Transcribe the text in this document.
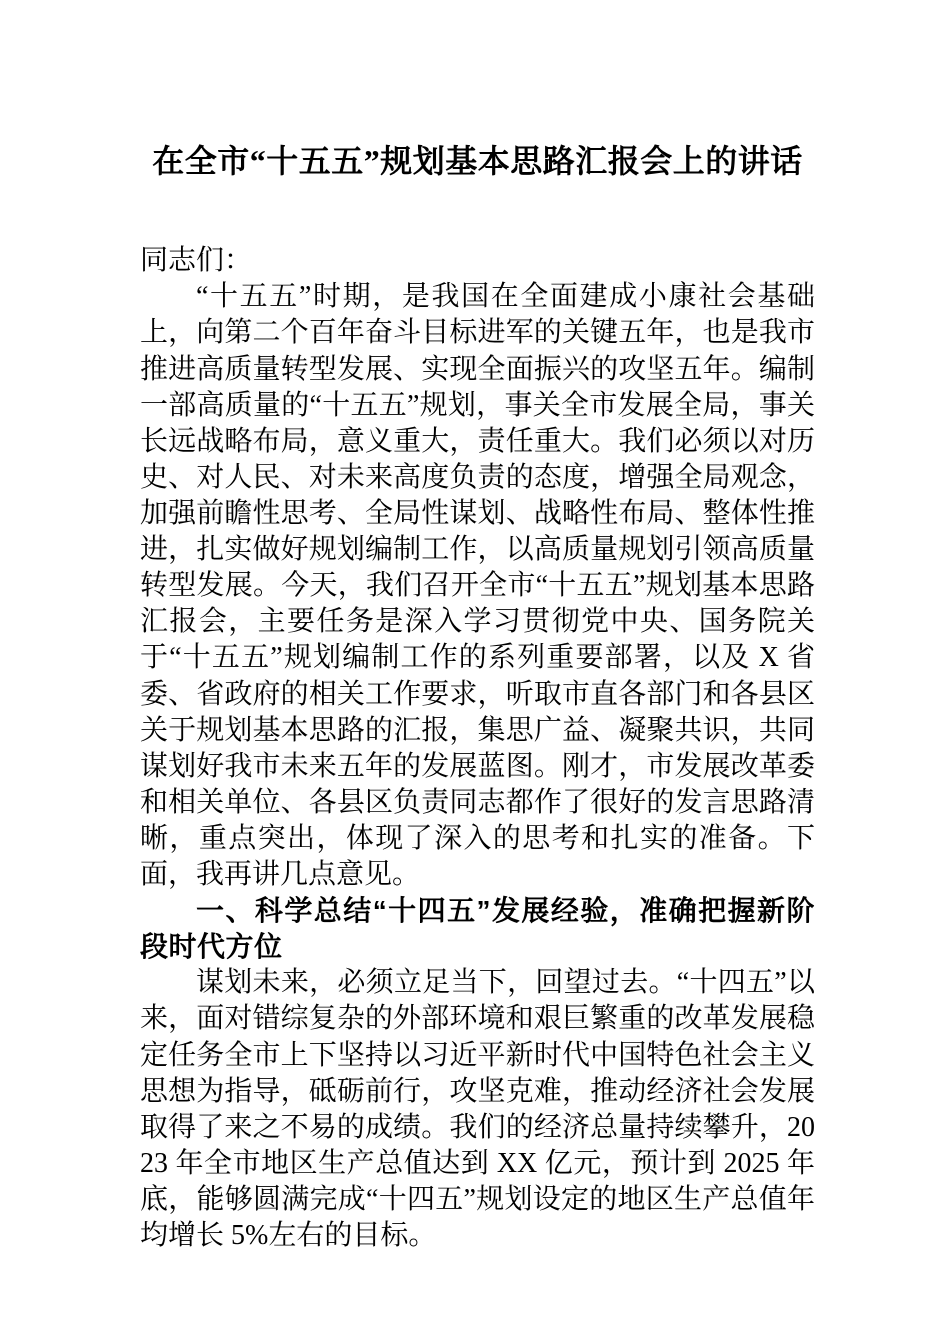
在全市“十五五”规划基本思路汇报会上的讲话

同志们：

“十五五”时期，是我国在全面建成小康社会基础上，向第二个百年奋斗目标进军的关键五年，也是我市推进高质量转型发展、实现全面振兴的攻坚五年。编制一部高质量的“十五五”规划，事关全市发展全局，事关长远战略布局，意义重大，责任重大。我们必须以对历史、对人民、对未来高度负责的态度，增强全局观念，加强前瞻性思考、全局性谋划、战略性布局、整体性推进，扎实做好规划编制工作，以高质量规划引领高质量转型发展。今天，我们召开全市“十五五”规划基本思路汇报会，主要任务是深入学习贯彻党中央、国务院关于“十五五”规划编制工作的系列重要部署，以及 X 省委、省政府的相关工作要求，听取市直各部门和各县区关于规划基本思路的汇报，集思广益、凝聚共识，共同谋划好我市未来五年的发展蓝图。刚才，市发展改革委和相关单位、各县区负责同志都作了很好的发言思路清晰，重点突出，体现了深入的思考和扎实的准备。下面，我再讲几点意见。

一、科学总结“十四五”发展经验，准确把握新阶段时代方位

谋划未来，必须立足当下，回望过去。“十四五”以来，面对错综复杂的外部环境和艰巨繁重的改革发展稳定任务全市上下坚持以习近平新时代中国特色社会主义思想为指导，砥砺前行，攻坚克难，推动经济社会发展取得了来之不易的成绩。我们的经济总量持续攀升，2023 年全市地区生产总值达到 XX 亿元，预计到 2025 年底，能够圆满完成“十四五”规划设定的地区生产总值年均增长 5%左右的目标。
